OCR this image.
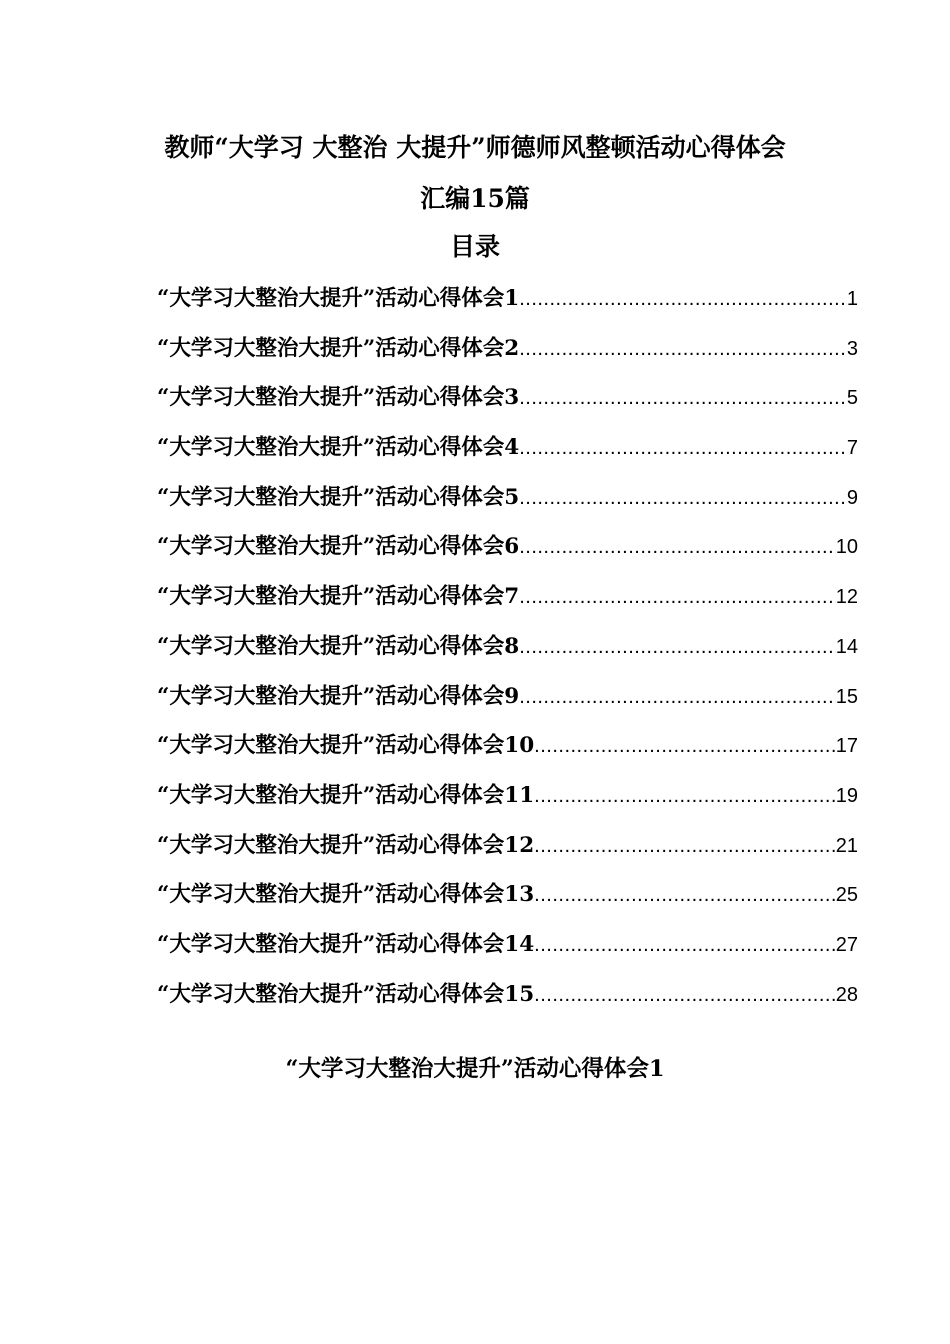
教师“大学习 大整治 大提升”师德师风整顿活动心得体会
汇编15篇
目录
“大学习大整治大提升”活动心得体会1 .....	1
“大学习大整治大提升”活动心得体会2 .....	3
“大学习大整治大提升”活动心得体会3 .....	5
“大学习大整治大提升”活动心得体会4 .....	7
“大学习大整治大提升”活动心得体会5 .....	9
“大学习大整治大提升”活动心得体会6 .....	10
“大学习大整治大提升”活动心得体会7 .....	12
“大学习大整治大提升”活动心得体会8 .....	14
“大学习大整治大提升”活动心得体会9 .....	15
“大学习大整治大提升”活动心得体会10 .....	17
“大学习大整治大提升”活动心得体会11 .....	19
“大学习大整治大提升”活动心得体会12 .....	21
“大学习大整治大提升”活动心得体会13 .....	25
“大学习大整治大提升”活动心得体会14 .....	27
“大学习大整治大提升”活动心得体会15 .....	28
“大学习大整治大提升”活动心得体会1
